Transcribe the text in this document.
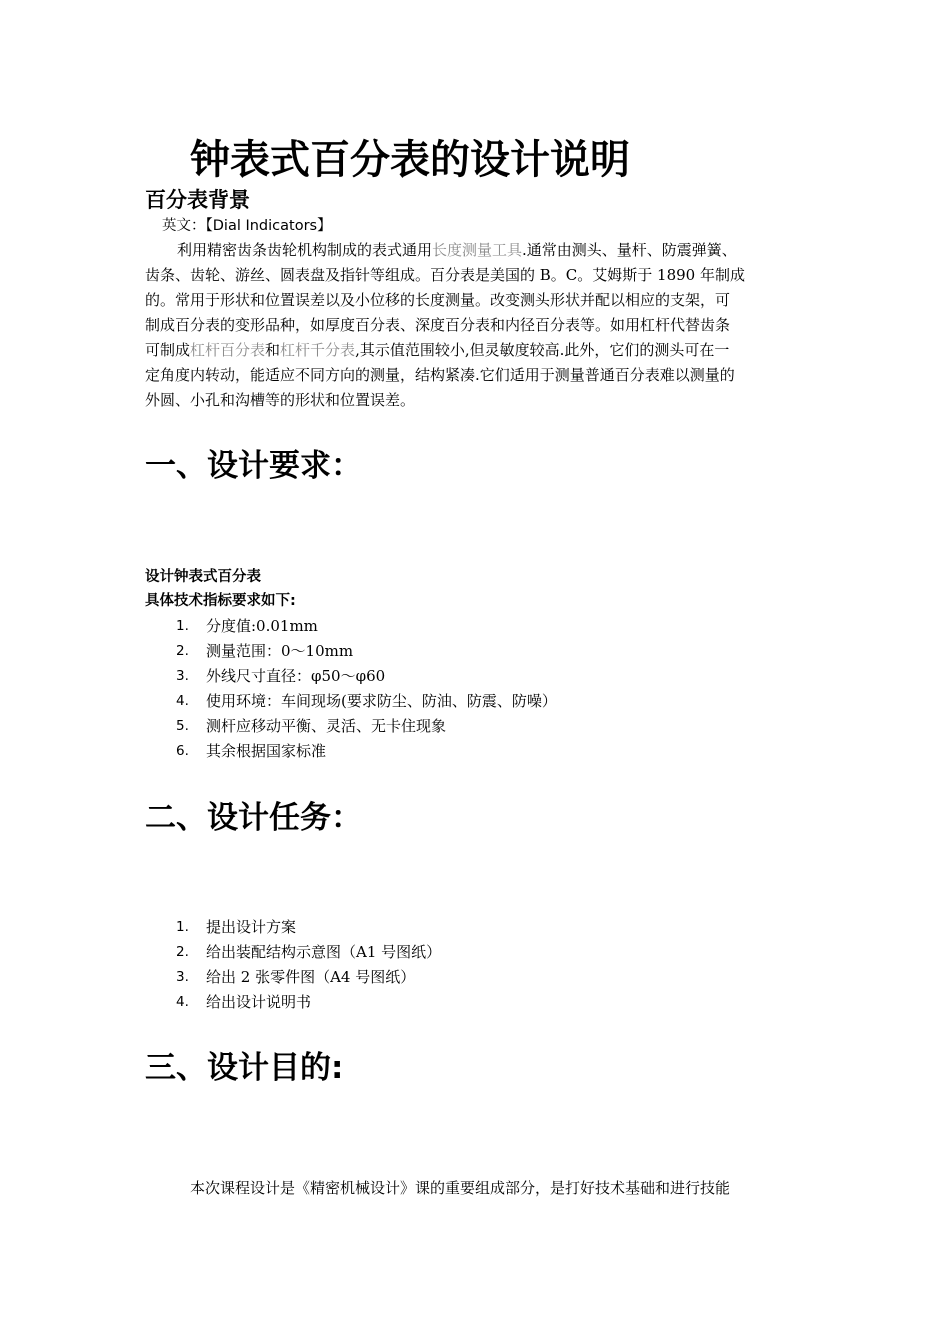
钟表式百分表的设计说明
百分表背景
英文：【Dial Indicators】
利用精密齿条齿轮机构制成的表式通用长度测量工具.通常由测头、量杆、防震弹簧、
齿条、齿轮、游丝、圆表盘及指针等组成。百分表是美国的 B。C。艾姆斯于 1890 年制成
的。常用于形状和位置误差以及小位移的长度测量。改变测头形状并配以相应的支架，可
制成百分表的变形品种，如厚度百分表、深度百分表和内径百分表等。如用杠杆代替齿条
可制成杠杆百分表和杠杆千分表,其示值范围较小,但灵敏度较高.此外，它们的测头可在一
定角度内转动，能适应不同方向的测量，结构紧凑.它们适用于测量普通百分表难以测量的
外圆、小孔和沟槽等的形状和位置误差。
一、设计要求：
设计钟表式百分表
具体技术指标要求如下:
1. 分度值:0.01mm
2. 测量范围：0～10mm
3. 外线尺寸直径：φ50～φ60
4. 使用环境：车间现场(要求防尘、防油、防震、防噪）
5. 测杆应移动平衡、灵活、无卡住现象
6. 其余根据国家标准
二、设计任务：
1. 提出设计方案
2. 给出装配结构示意图（A1 号图纸）
3. 给出 2 张零件图（A4 号图纸）
4. 给出设计说明书
三、设计目的:
本次课程设计是《精密机械设计》课的重要组成部分，是打好技术基础和进行技能
